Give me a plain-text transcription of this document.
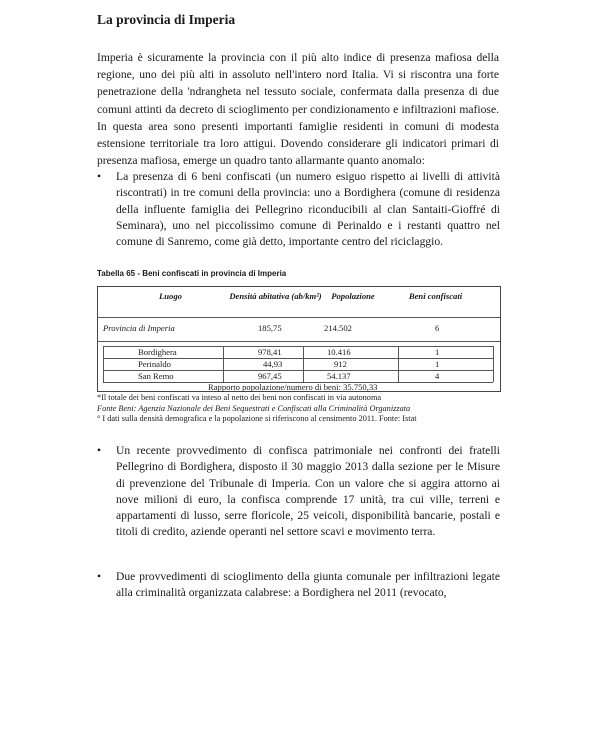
La provincia di Imperia
Imperia è sicuramente la provincia con il più alto indice di presenza mafiosa della regione, uno dei più alti in assoluto nell'intero nord Italia. Vi si riscontra una forte penetrazione della 'ndrangheta nel tessuto sociale, confermata dalla presenza di due comuni attinti da decreto di scioglimento per condizionamento e infiltrazioni mafiose. In questa area sono presenti importanti famiglie residenti in comuni di modesta estensione territoriale tra loro attigui. Dovendo considerare gli indicatori primari di presenza mafiosa, emerge un quadro tanto allarmante quanto anomalo:
•	La presenza di 6 beni confiscati (un numero esiguo rispetto ai livelli di attività riscontrati) in tre comuni della provincia: uno a Bordighera (comune di residenza della influente famiglia dei Pellegrino riconducibili al clan Santaiti-Gioffré di Seminara), uno nel piccolissimo comune di Perinaldo e i restanti quattro nel comune di Sanremo, come già detto, importante centro del riciclaggio.
Tabella 65 - Beni confiscati in provincia di Imperia
Luogo	Densità abitativa (ab/km²)	Popolazione	Beni confiscati
Provincia di Imperia	185,75	214.502	6
Bordighera	978,41	10.416	1
Perinaldo	44,93	912	1
San Remo	967,45	54.137	4
Rapporto popolazione/numero di beni: 35.750,33
*Il totale dei beni confiscati va inteso al netto dei beni non confiscati in via autonoma
Fonte Beni: Agenzia Nazionale dei Beni Sequestrati e Confiscati alla Criminalità Organizzata
° I dati sulla densità demografica e la popolazione si riferiscono al censimento 2011. Fonte: Istat
•	Un recente provvedimento di confisca patrimoniale nei confronti dei fratelli Pellegrino di Bordighera, disposto il 30 maggio 2013 dalla sezione per le Misure di prevenzione del Tribunale di Imperia. Con un valore che si aggira attorno ai nove milioni di euro, la confisca comprende 17 unità, tra cui ville, terreni e appartamenti di lusso, serre floricole, 25 veicoli, disponibilità bancarie, postali e titoli di credito, aziende operanti nel settore scavi e movimento terra.
•	Due provvedimenti di scioglimento della giunta comunale per infiltrazioni legate alla criminalità organizzata calabrese: a Bordighera nel 2011 (revocato,
